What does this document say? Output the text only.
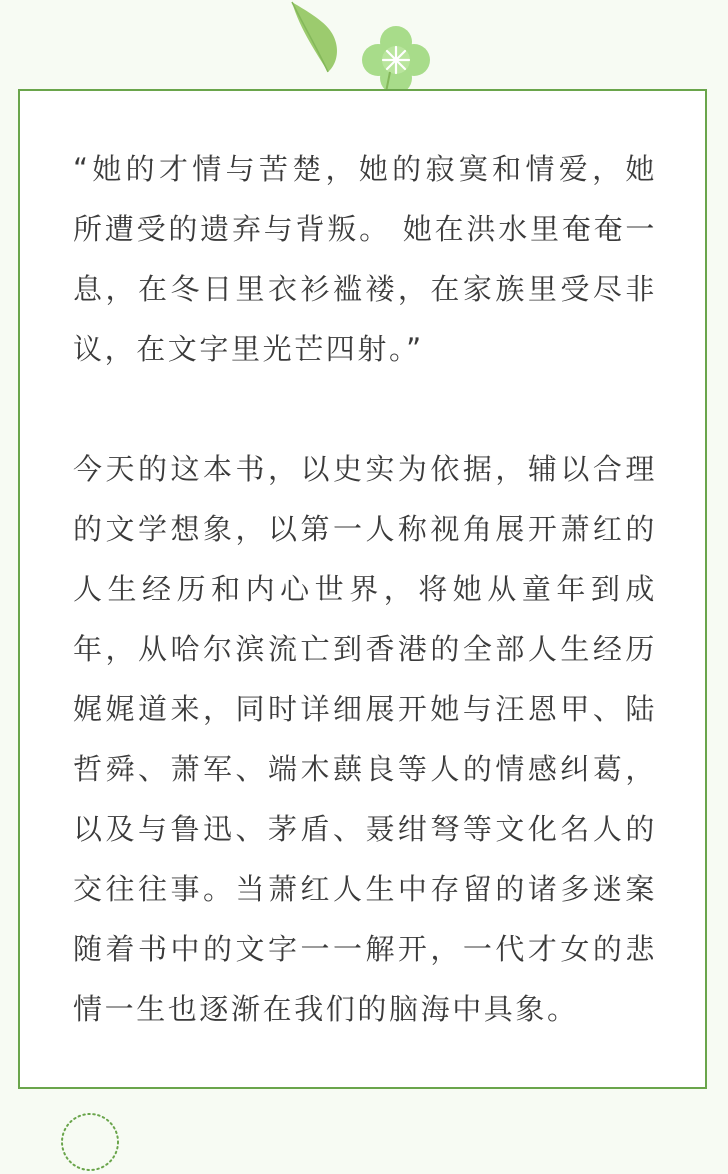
“她的才情与苦楚，她的寂寞和情爱，她所遭受的遗弃与背叛。 她在洪水里奄奄一息，在冬日里衣衫褴褛，在家族里受尽非议，在文字里光芒四射。”

今天的这本书，以史实为依据，辅以合理的文学想象，以第一人称视角展开萧红的人生经历和内心世界，将她从童年到成年，从哈尔滨流亡到香港的全部人生经历娓娓道来，同时详细展开她与汪恩甲、陆哲舜、萧军、端木蕻良等人的情感纠葛，以及与鲁迅、茅盾、聂绀弩等文化名人的交往往事。当萧红人生中存留的诸多迷案随着书中的文字一一解开，一代才女的悲情一生也逐渐在我们的脑海中具象。
